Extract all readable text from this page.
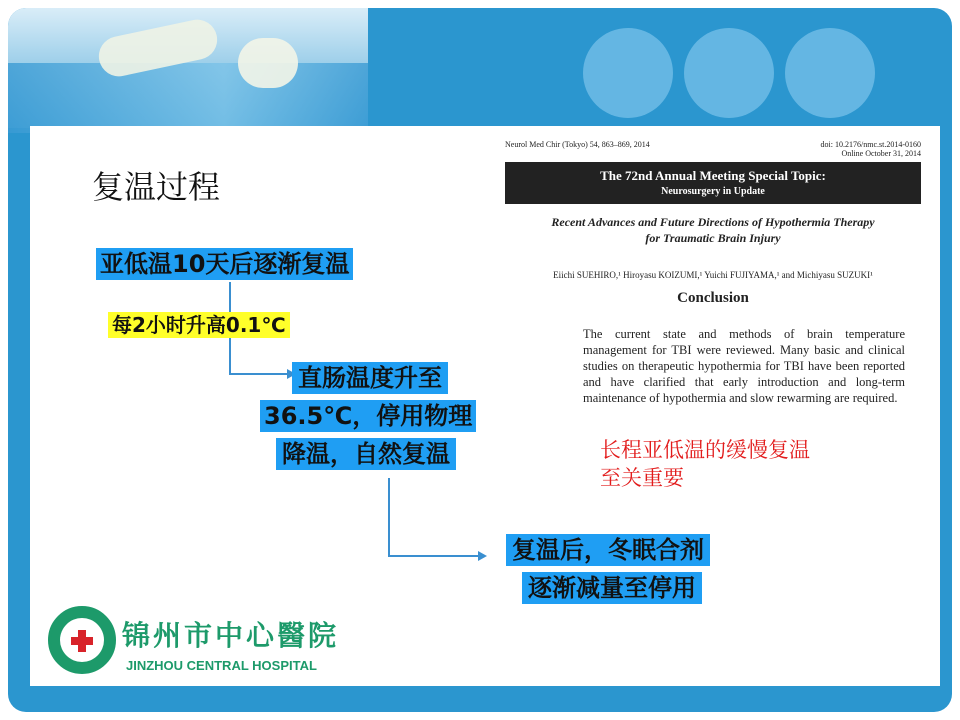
复温过程
亚低温10天后逐渐复温
每2小时升高0.1℃
直肠温度升至
36.5℃，停用物理
降温，自然复温
复温后，冬眠合剂
逐渐减量至停用
Neurol Med Chir (Tokyo) 54, 863–869, 2014	doi: 10.2176/nmc.st.2014-0160
Online October 31, 2014
The 72nd Annual Meeting Special Topic:
Neurosurgery in Update
Recent Advances and Future Directions of Hypothermia Therapy for Traumatic Brain Injury
Eiichi SUEHIRO,¹ Hiroyasu KOIZUMI,¹ Yuichi FUJIYAMA,¹ and Michiyasu SUZUKI¹
Conclusion
The current state and methods of brain temperature management for TBI were reviewed. Many basic and clinical studies on therapeutic hypothermia for TBI have been reported and have clarified that early introduction and long-term maintenance of hypothermia and slow rewarming are required.
长程亚低温的缓慢复温
至关重要
锦州市中心醫院
JINZHOU CENTRAL HOSPITAL
